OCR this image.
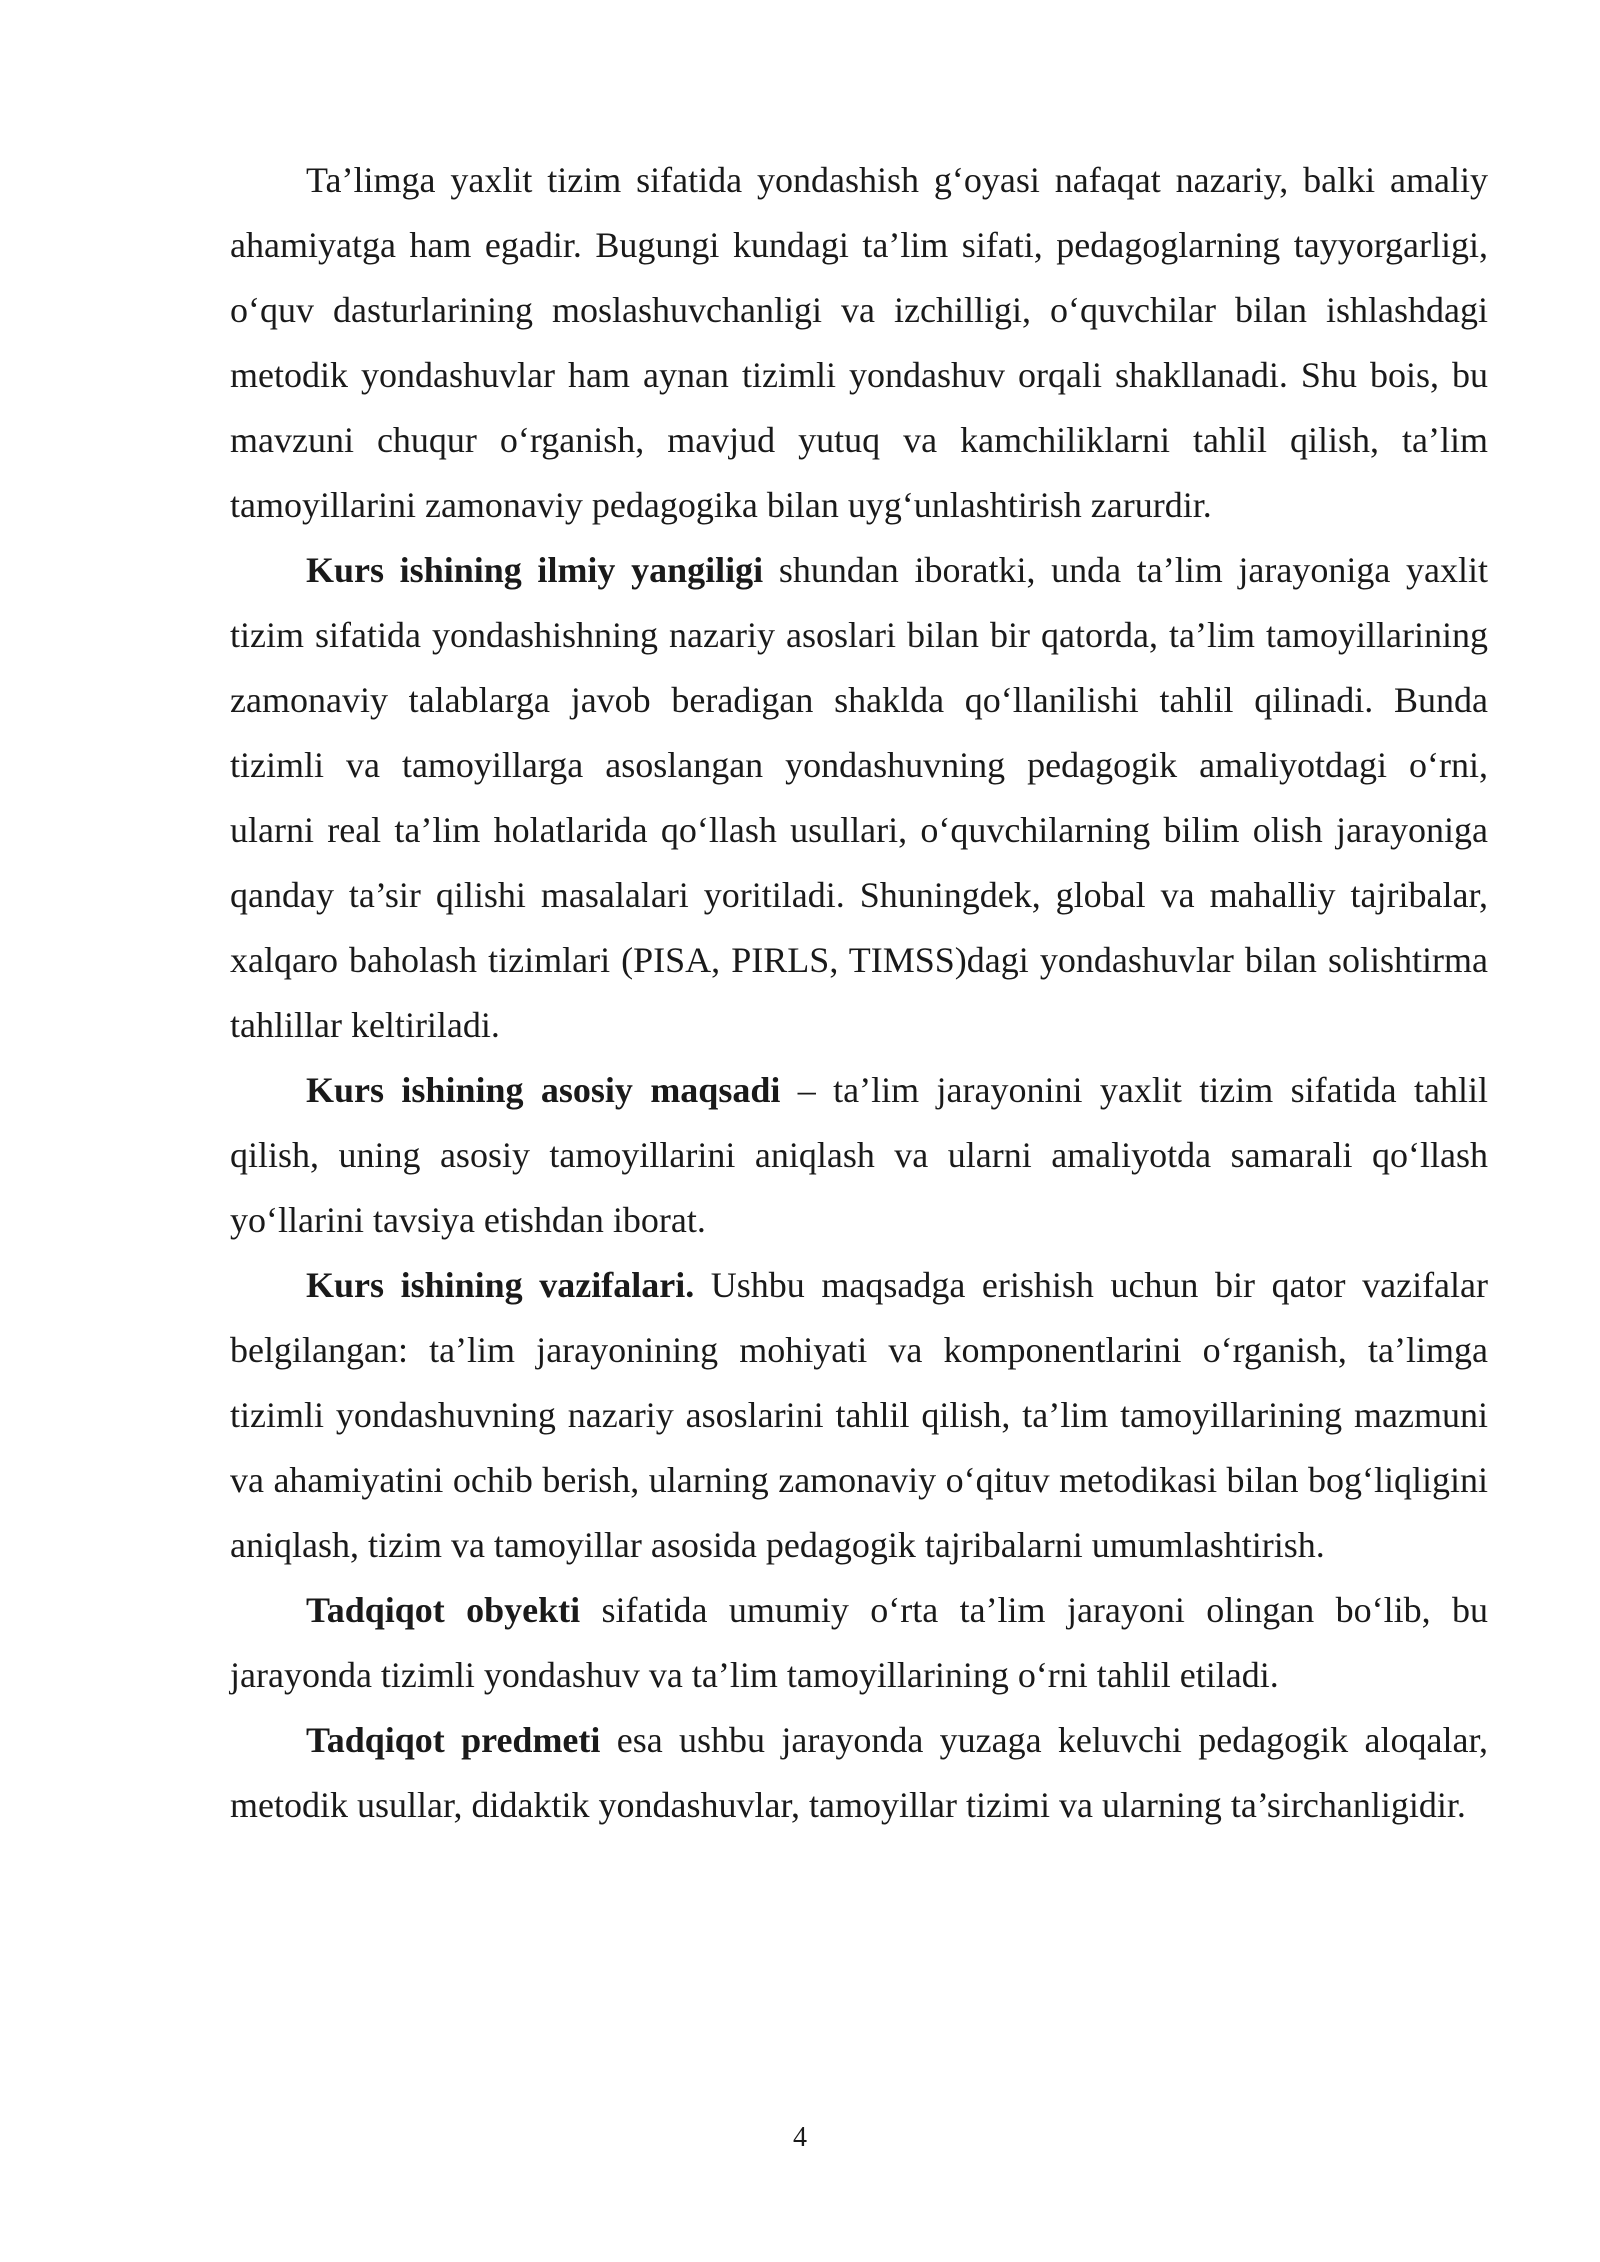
Ta’limga yaxlit tizim sifatida yondashish g‘oyasi nafaqat nazariy, balki amaliy ahamiyatga ham egadir. Bugungi kundagi ta’lim sifati, pedagoglarning tayyorgarligi, o‘quv dasturlarining moslashuvchanligi va izchilligi, o‘quvchilar bilan ishlashdagi metodik yondashuvlar ham aynan tizimli yondashuv orqali shakllanadi. Shu bois, bu mavzuni chuqur o‘rganish, mavjud yutuq va kamchiliklarni tahlil qilish, ta’lim tamoyillarini zamonaviy pedagogika bilan uyg‘unlashtirish zarurdir.

Kurs ishining ilmiy yangiligi shundan iboratki, unda ta’lim jarayoniga yaxlit tizim sifatida yondashishning nazariy asoslari bilan bir qatorda, ta’lim tamoyillarining zamonaviy talablarga javob beradigan shaklda qo‘llanilishi tahlil qilinadi. Bunda tizimli va tamoyillarga asoslangan yondashuvning pedagogik amaliyotdagi o‘rni, ularni real ta’lim holatlarida qo‘llash usullari, o‘quvchilarning bilim olish jarayoniga qanday ta’sir qilishi masalalari yoritiladi. Shuningdek, global va mahalliy tajribalar, xalqaro baholash tizimlari (PISA, PIRLS, TIMSS)dagi yondashuvlar bilan solishtirma tahlillar keltiriladi.

Kurs ishining asosiy maqsadi – ta’lim jarayonini yaxlit tizim sifatida tahlil qilish, uning asosiy tamoyillarini aniqlash va ularni amaliyotda samarali qo‘llash yo‘llarini tavsiya etishdan iborat.

Kurs ishining vazifalari. Ushbu maqsadga erishish uchun bir qator vazifalar belgilangan: ta’lim jarayonining mohiyati va komponentlarini o‘rganish, ta’limga tizimli yondashuvning nazariy asoslarini tahlil qilish, ta’lim tamoyillarining mazmuni va ahamiyatini ochib berish, ularning zamonaviy o‘qituv metodikasi bilan bog‘liqligini aniqlash, tizim va tamoyillar asosida pedagogik tajribalarni umumlashtirish.

Tadqiqot obyekti sifatida umumiy o‘rta ta’lim jarayoni olingan bo‘lib, bu jarayonda tizimli yondashuv va ta’lim tamoyillarining o‘rni tahlil etiladi.

Tadqiqot predmeti esa ushbu jarayonda yuzaga keluvchi pedagogik aloqalar, metodik usullar, didaktik yondashuvlar, tamoyillar tizimi va ularning ta’sirchanligidir.

4
